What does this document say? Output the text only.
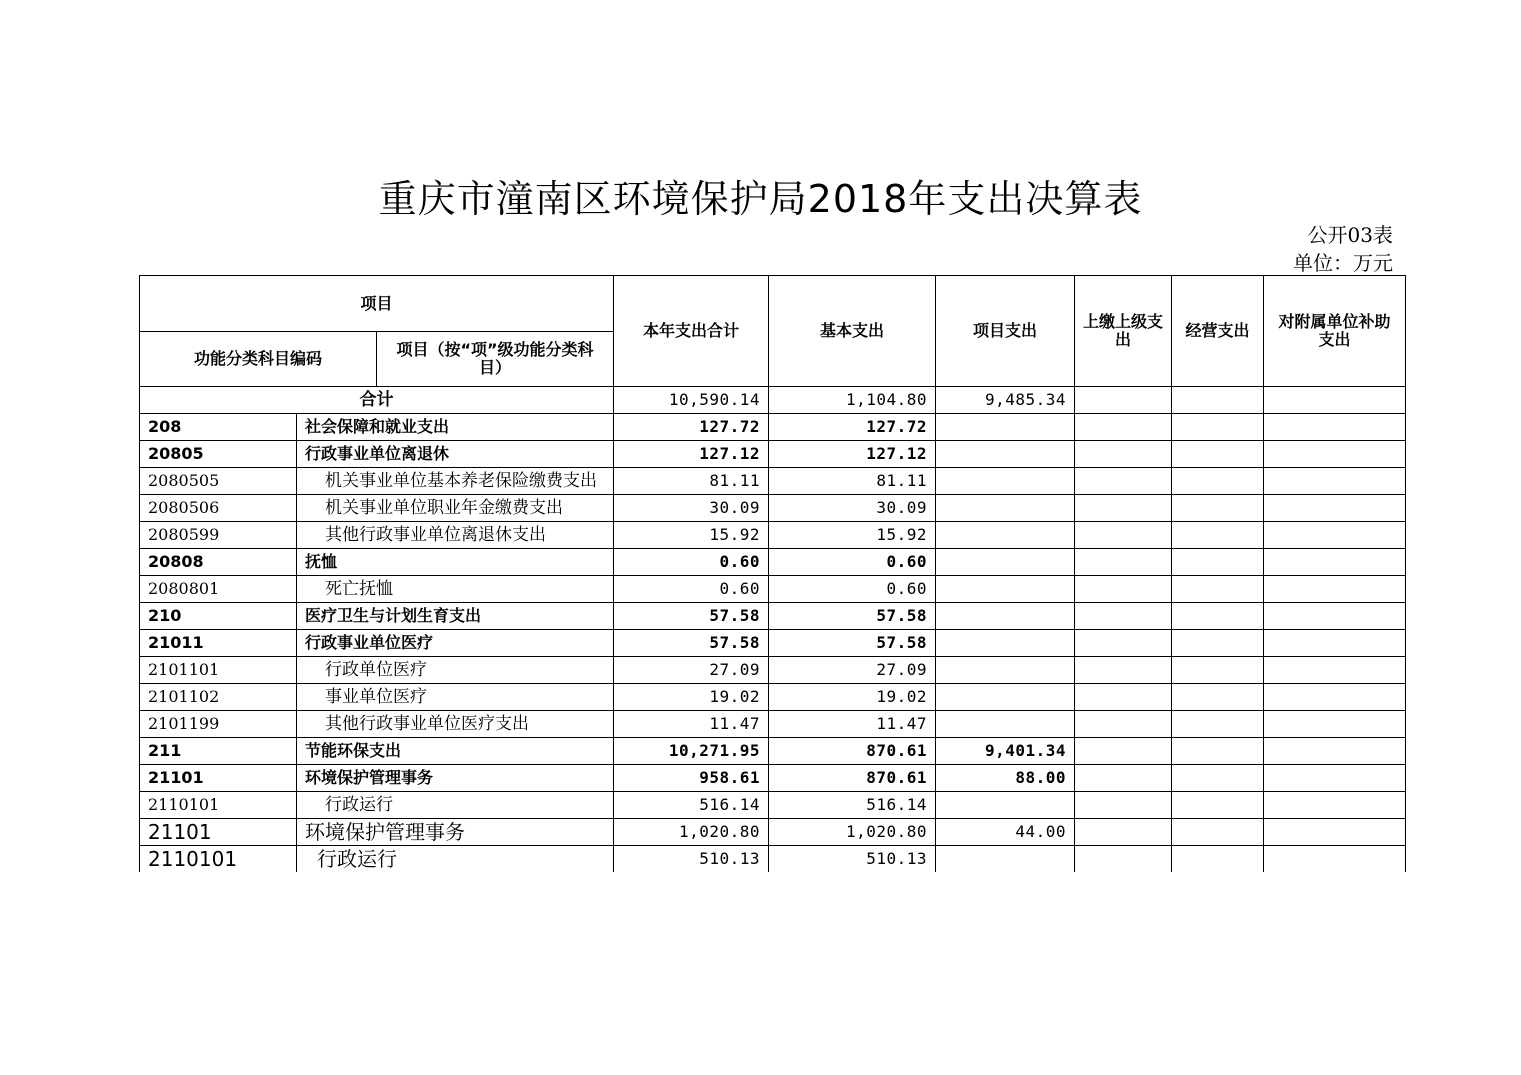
重庆市潼南区环境保护局2018年支出决算表
公开03表
单位：万元
项目			本年支出合计	基本支出	项目支出	上缴上级支出	经营支出	对附属单位补助支出
功能分类科目编码		项目（按“项”级功能分类科目）						
合计			10,590.14	1,104.80	9,485.34			
208	社会保障和就业支出		127.72	127.72				
20805	行政事业单位离退休		127.12	127.12				
2080505	机关事业单位基本养老保险缴费支出		81.11	81.11				
2080506	机关事业单位职业年金缴费支出		30.09	30.09				
2080599	其他行政事业单位离退休支出		15.92	15.92				
20808	抚恤		0.60	0.60				
2080801	死亡抚恤		0.60	0.60				
210	医疗卫生与计划生育支出		57.58	57.58				
21011	行政事业单位医疗		57.58	57.58				
2101101	行政单位医疗		27.09	27.09				
2101102	事业单位医疗		19.02	19.02				
2101199	其他行政事业单位医疗支出		11.47	11.47				
211	节能环保支出		10,271.95	870.61	9,401.34			
21101	环境保护管理事务		958.61	870.61	88.00			
2110101	行政运行		516.14	516.14				
21101	环境保护管理事务		1,020.80	1,020.80	44.00			
2110101	行政运行		510.13	510.13				
